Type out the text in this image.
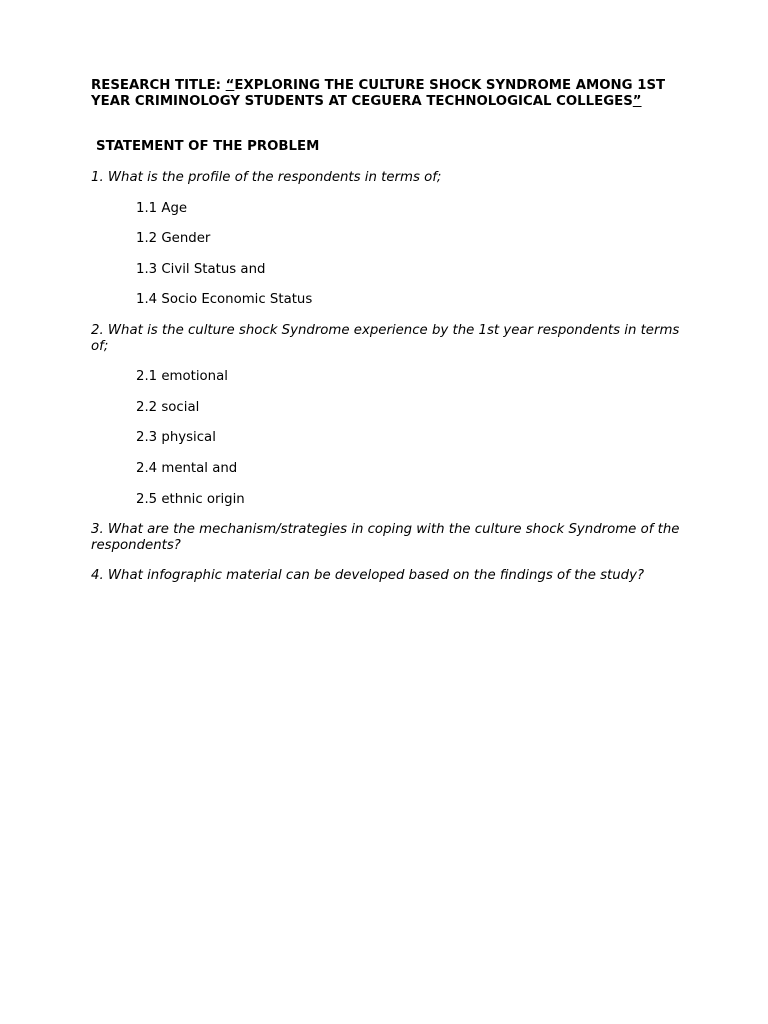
RESEARCH TITLE: “EXPLORING THE CULTURE SHOCK SYNDROME AMONG 1ST YEAR CRIMINOLOGY STUDENTS AT CEGUERA TECHNOLOGICAL COLLEGES”

STATEMENT OF THE PROBLEM

1. What is the profile of the respondents in terms of;

1.1 Age

1.2 Gender

1.3 Civil Status and

1.4 Socio Economic Status

2. What is the culture shock Syndrome experience by the 1st year respondents in terms of;

2.1 emotional

2.2 social

2.3 physical

2.4 mental and

2.5 ethnic origin

3. What are the mechanism/strategies in coping with the culture shock Syndrome of the respondents?

4. What infographic material can be developed based on the findings of the study?
